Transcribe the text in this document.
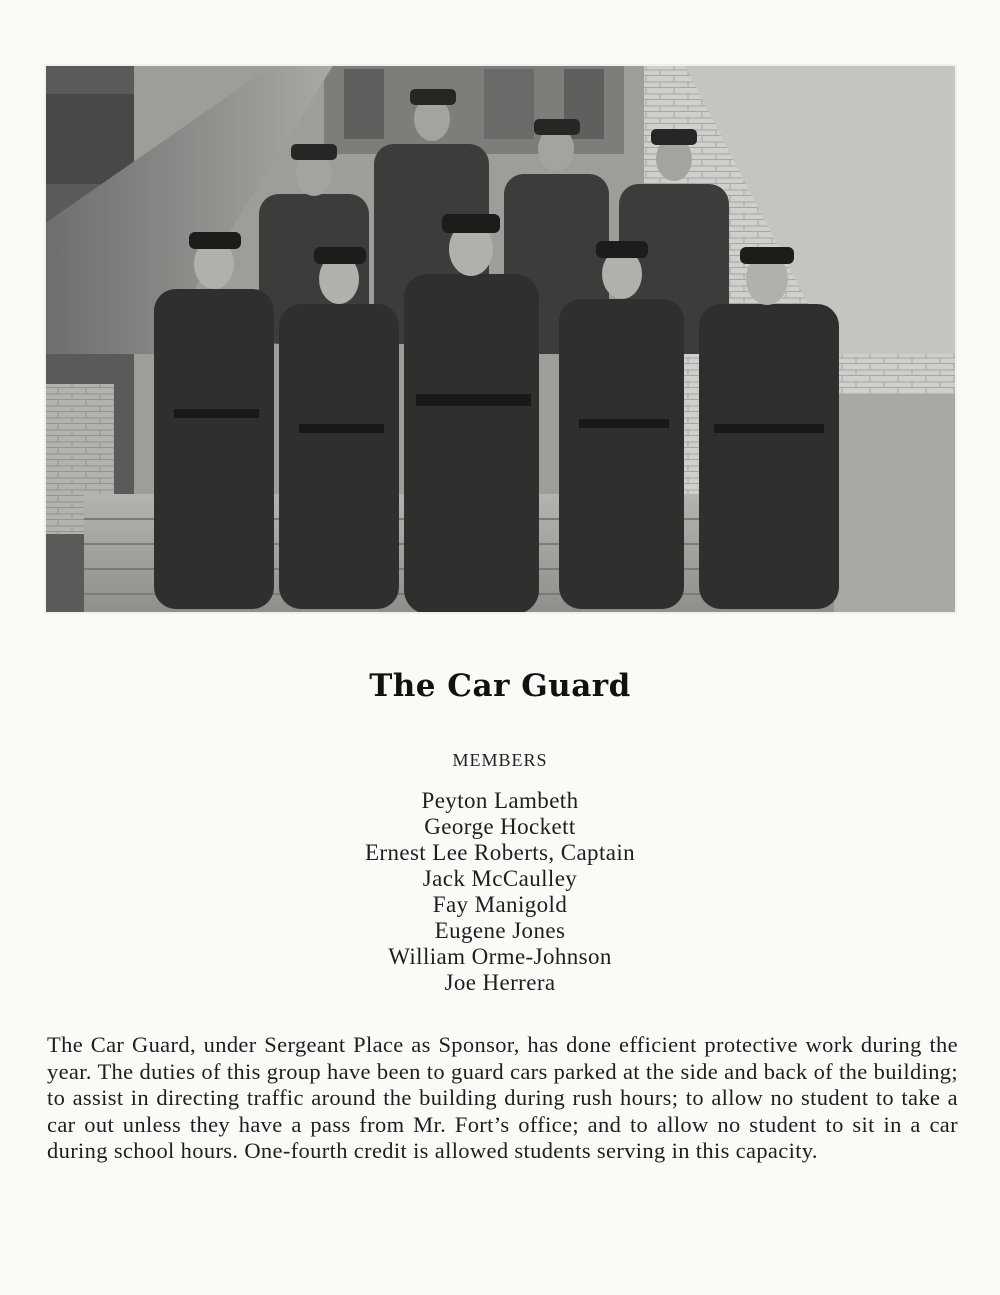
The Car Guard
MEMBERS
Peyton Lambeth
George Hockett
Ernest Lee Roberts, Captain
Jack McCaulley
Fay Manigold
Eugene Jones
William Orme-Johnson
Joe Herrera

The Car Guard, under Sergeant Place as Sponsor, has done efficient protective work during the year. The duties of this group have been to guard cars parked at the side and back of the building; to assist in directing traffic around the building during rush hours; to allow no student to take a car out unless they have a pass from Mr. Fort’s office; and to allow no student to sit in a car during school hours. One-fourth credit is allowed students serving in this capacity.
